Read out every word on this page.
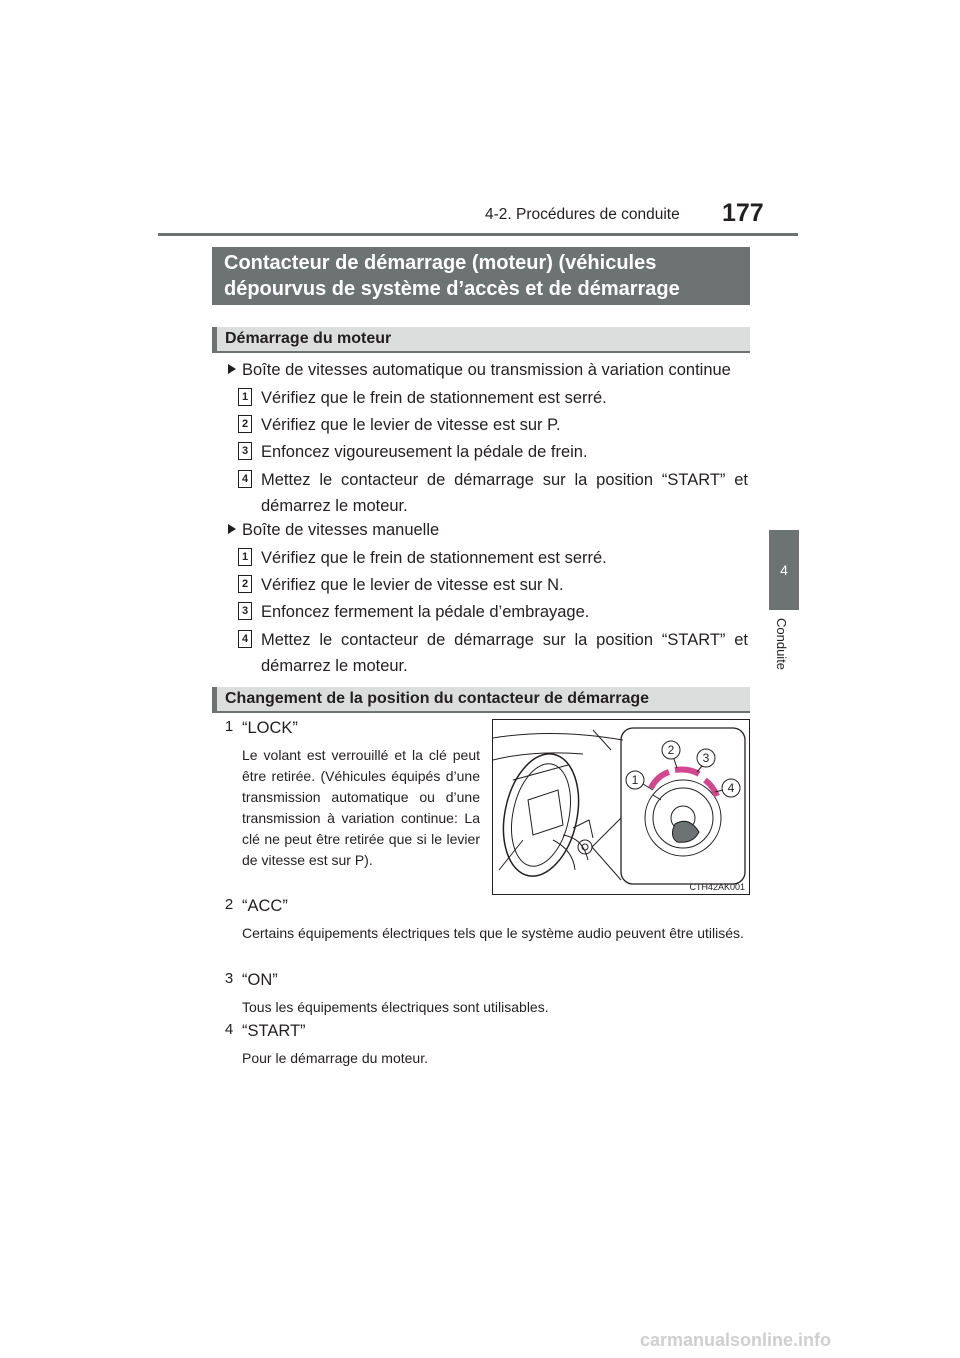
4-2. Procédures de conduite 177
4
Conduite
Contacteur de démarrage (moteur) (véhicules dépourvus de système d’accès et de démarrage “mains libres”)
Démarrage du moteur
Boîte de vitesses automatique ou transmission à variation continue
1 Vérifiez que le frein de stationnement est serré.
2 Vérifiez que le levier de vitesse est sur P.
3 Enfoncez vigoureusement la pédale de frein.
4 Mettez le contacteur de démarrage sur la position “START” et démarrez le moteur.
Boîte de vitesses manuelle
1 Vérifiez que le frein de stationnement est serré.
2 Vérifiez que le levier de vitesse est sur N.
3 Enfoncez fermement la pédale d’embrayage.
4 Mettez le contacteur de démarrage sur la position “START” et démarrez le moteur.
Changement de la position du contacteur de démarrage
1 “LOCK”
Le volant est verrouillé et la clé peut être retirée. (Véhicules équipés d’une transmission automatique ou d’une transmission à variation continue: La clé ne peut être retirée que si le levier de vitesse est sur P).
2 “ACC”
Certains équipements électriques tels que le système audio peuvent être utilisés.
3 “ON”
Tous les équipements électriques sont utilisables.
4 “START”
Pour le démarrage du moteur.
1
2
3
4
CTH42AK001
carmanualsonline.info
